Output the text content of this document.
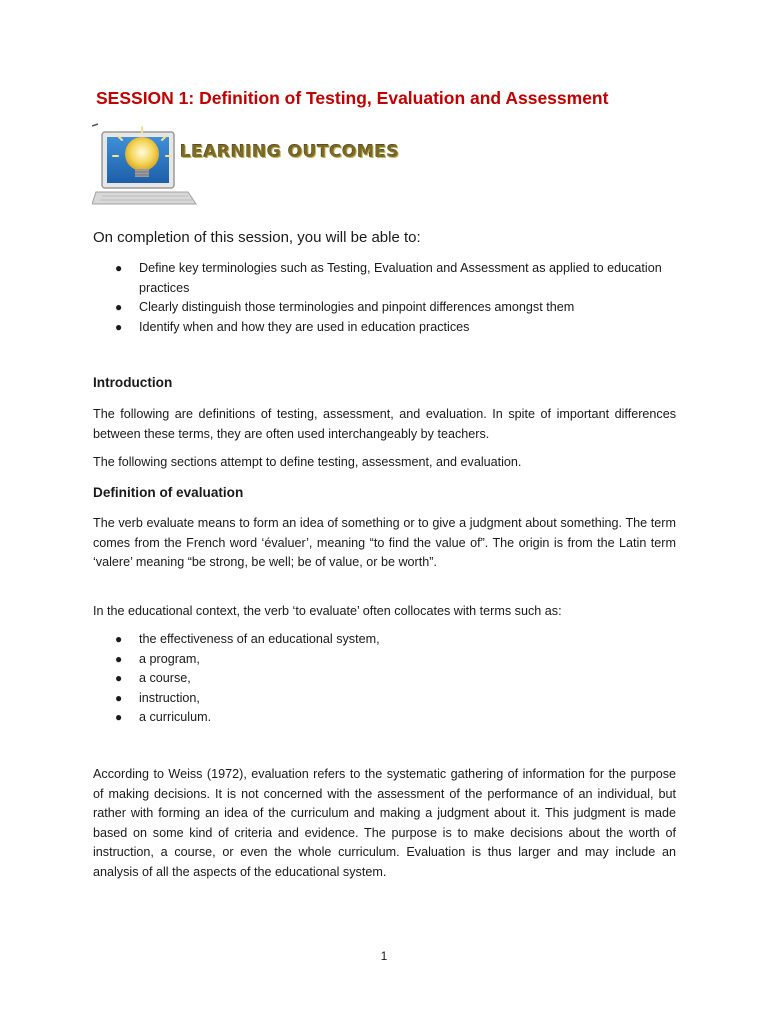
SESSION 1: Definition of Testing, Evaluation and Assessment
LEARNING OUTCOMES
On completion of this session, you will be able to:
● Define key terminologies such as Testing, Evaluation and Assessment as applied to education practices
● Clearly distinguish those terminologies and pinpoint differences amongst them
● Identify when and how they are used in education practices
Introduction

The following are definitions of testing, assessment, and evaluation. In spite of important differences between these terms, they are often used interchangeably by teachers.

The following sections attempt to define testing, assessment, and evaluation.

Definition of evaluation

The verb evaluate means to form an idea of something or to give a judgment about something. The term comes from the French word ‘évaluer’, meaning “to find the value of”. The origin is from the Latin term ‘valere’ meaning “be strong, be well; be of value, or be worth”.

In the educational context, the verb ‘to evaluate’ often collocates with terms such as:

● the effectiveness of an educational system,
● a program,
● a course,
● instruction,
● a curriculum.

According to Weiss (1972), evaluation refers to the systematic gathering of information for the purpose of making decisions. It is not concerned with the assessment of the performance of an individual, but rather with forming an idea of the curriculum and making a judgment about it. This judgment is made based on some kind of criteria and evidence. The purpose is to make decisions about the worth of instruction, a course, or even the whole curriculum. Evaluation is thus larger and may include an analysis of all the aspects of the educational system.

1
